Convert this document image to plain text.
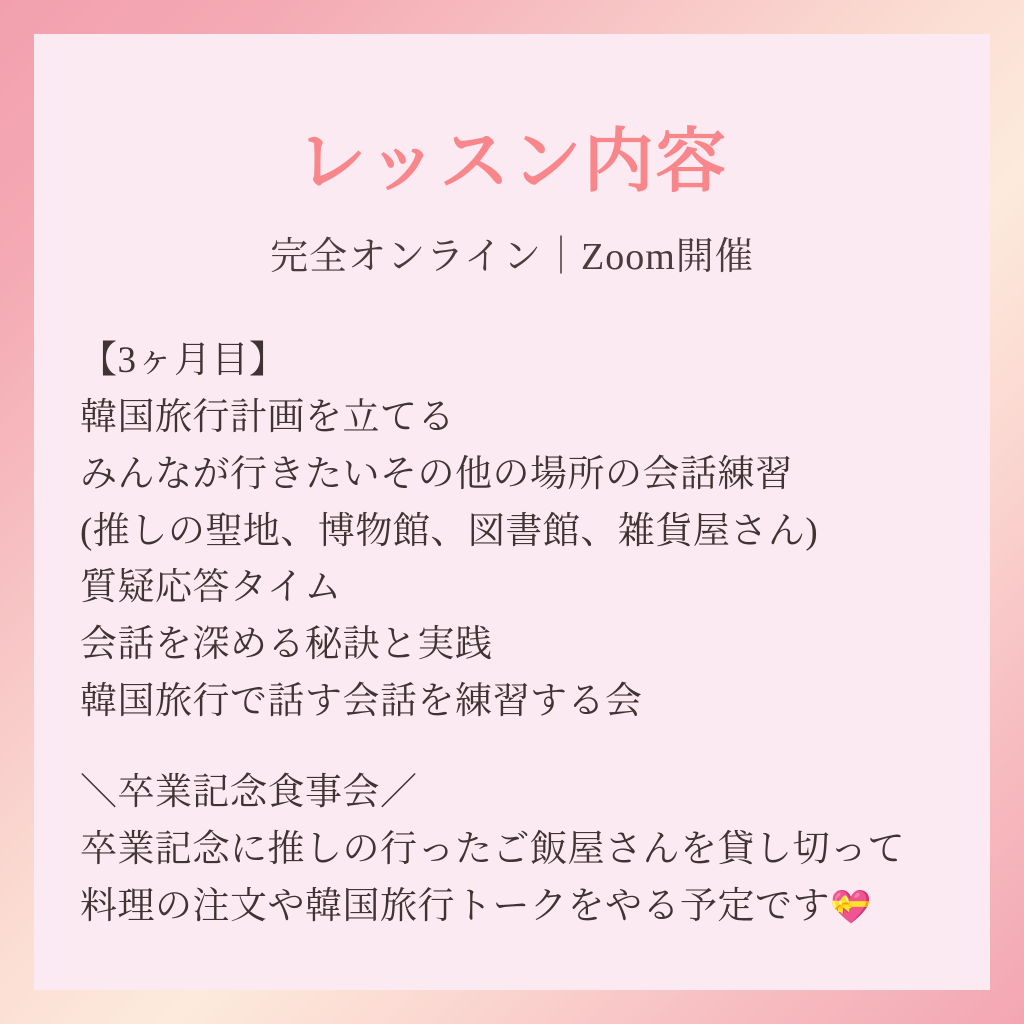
レッスン内容
完全オンライン｜Zoom開催
【3ヶ月目】
韓国旅行計画を立てる
みんなが行きたいその他の場所の会話練習
(推しの聖地、博物館、図書館、雑貨屋さん)
質疑応答タイム
会話を深める秘訣と実践
韓国旅行で話す会話を練習する会
＼卒業記念食事会／
卒業記念に推しの行ったご飯屋さんを貸し切って
料理の注文や韓国旅行トークをやる予定です💝
